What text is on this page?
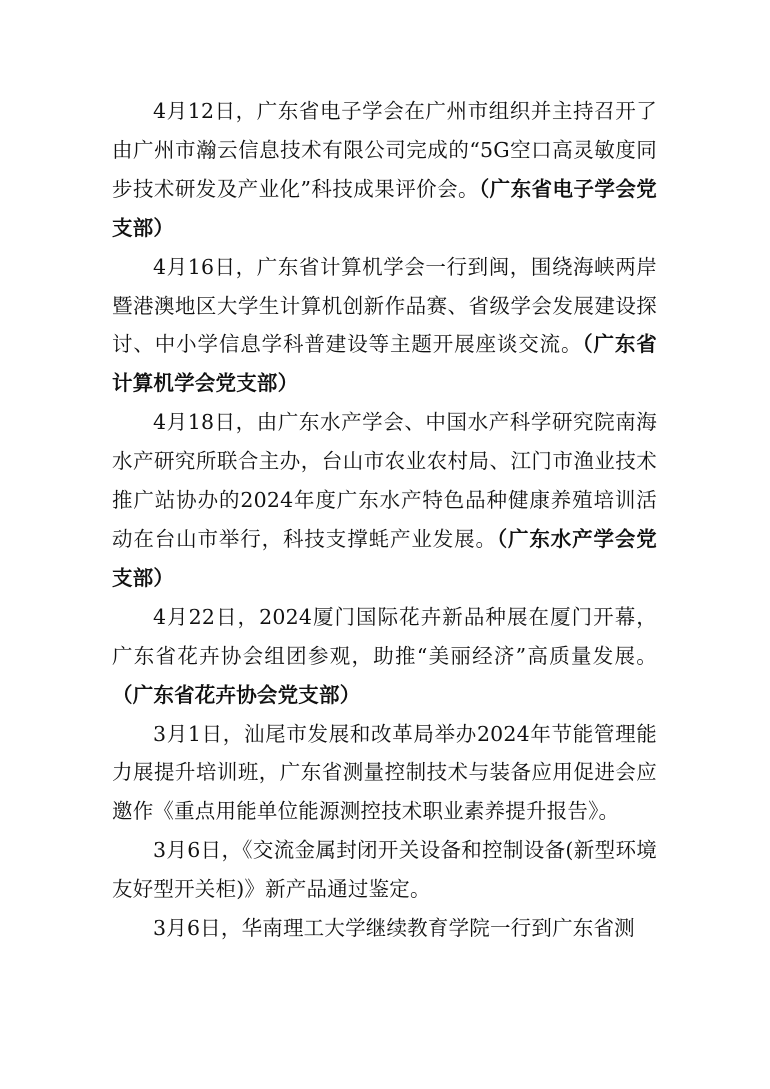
4月12日，广东省电子学会在广州市组织并主持召开了由广州市瀚云信息技术有限公司完成的“5G空口高灵敏度同步技术研发及产业化”科技成果评价会。（广东省电子学会党支部）

4月16日，广东省计算机学会一行到闽，围绕海峡两岸暨港澳地区大学生计算机创新作品赛、省级学会发展建设探讨、中小学信息学科普建设等主题开展座谈交流。（广东省计算机学会党支部）

4月18日，由广东水产学会、中国水产科学研究院南海水产研究所联合主办，台山市农业农村局、江门市渔业技术推广站协办的2024年度广东水产特色品种健康养殖培训活动在台山市举行，科技支撑蚝产业发展。（广东水产学会党支部）

4月22日，2024厦门国际花卉新品种展在厦门开幕，广东省花卉协会组团参观，助推“美丽经济”高质量发展。（广东省花卉协会党支部）

3月1日，汕尾市发展和改革局举办2024年节能管理能力展提升培训班，广东省测量控制技术与装备应用促进会应邀作《重点用能单位能源测控技术职业素养提升报告》。

3月6日，《交流金属封闭开关设备和控制设备(新型环境友好型开关柜)》新产品通过鉴定。

3月6日，华南理工大学继续教育学院一行到广东省测
